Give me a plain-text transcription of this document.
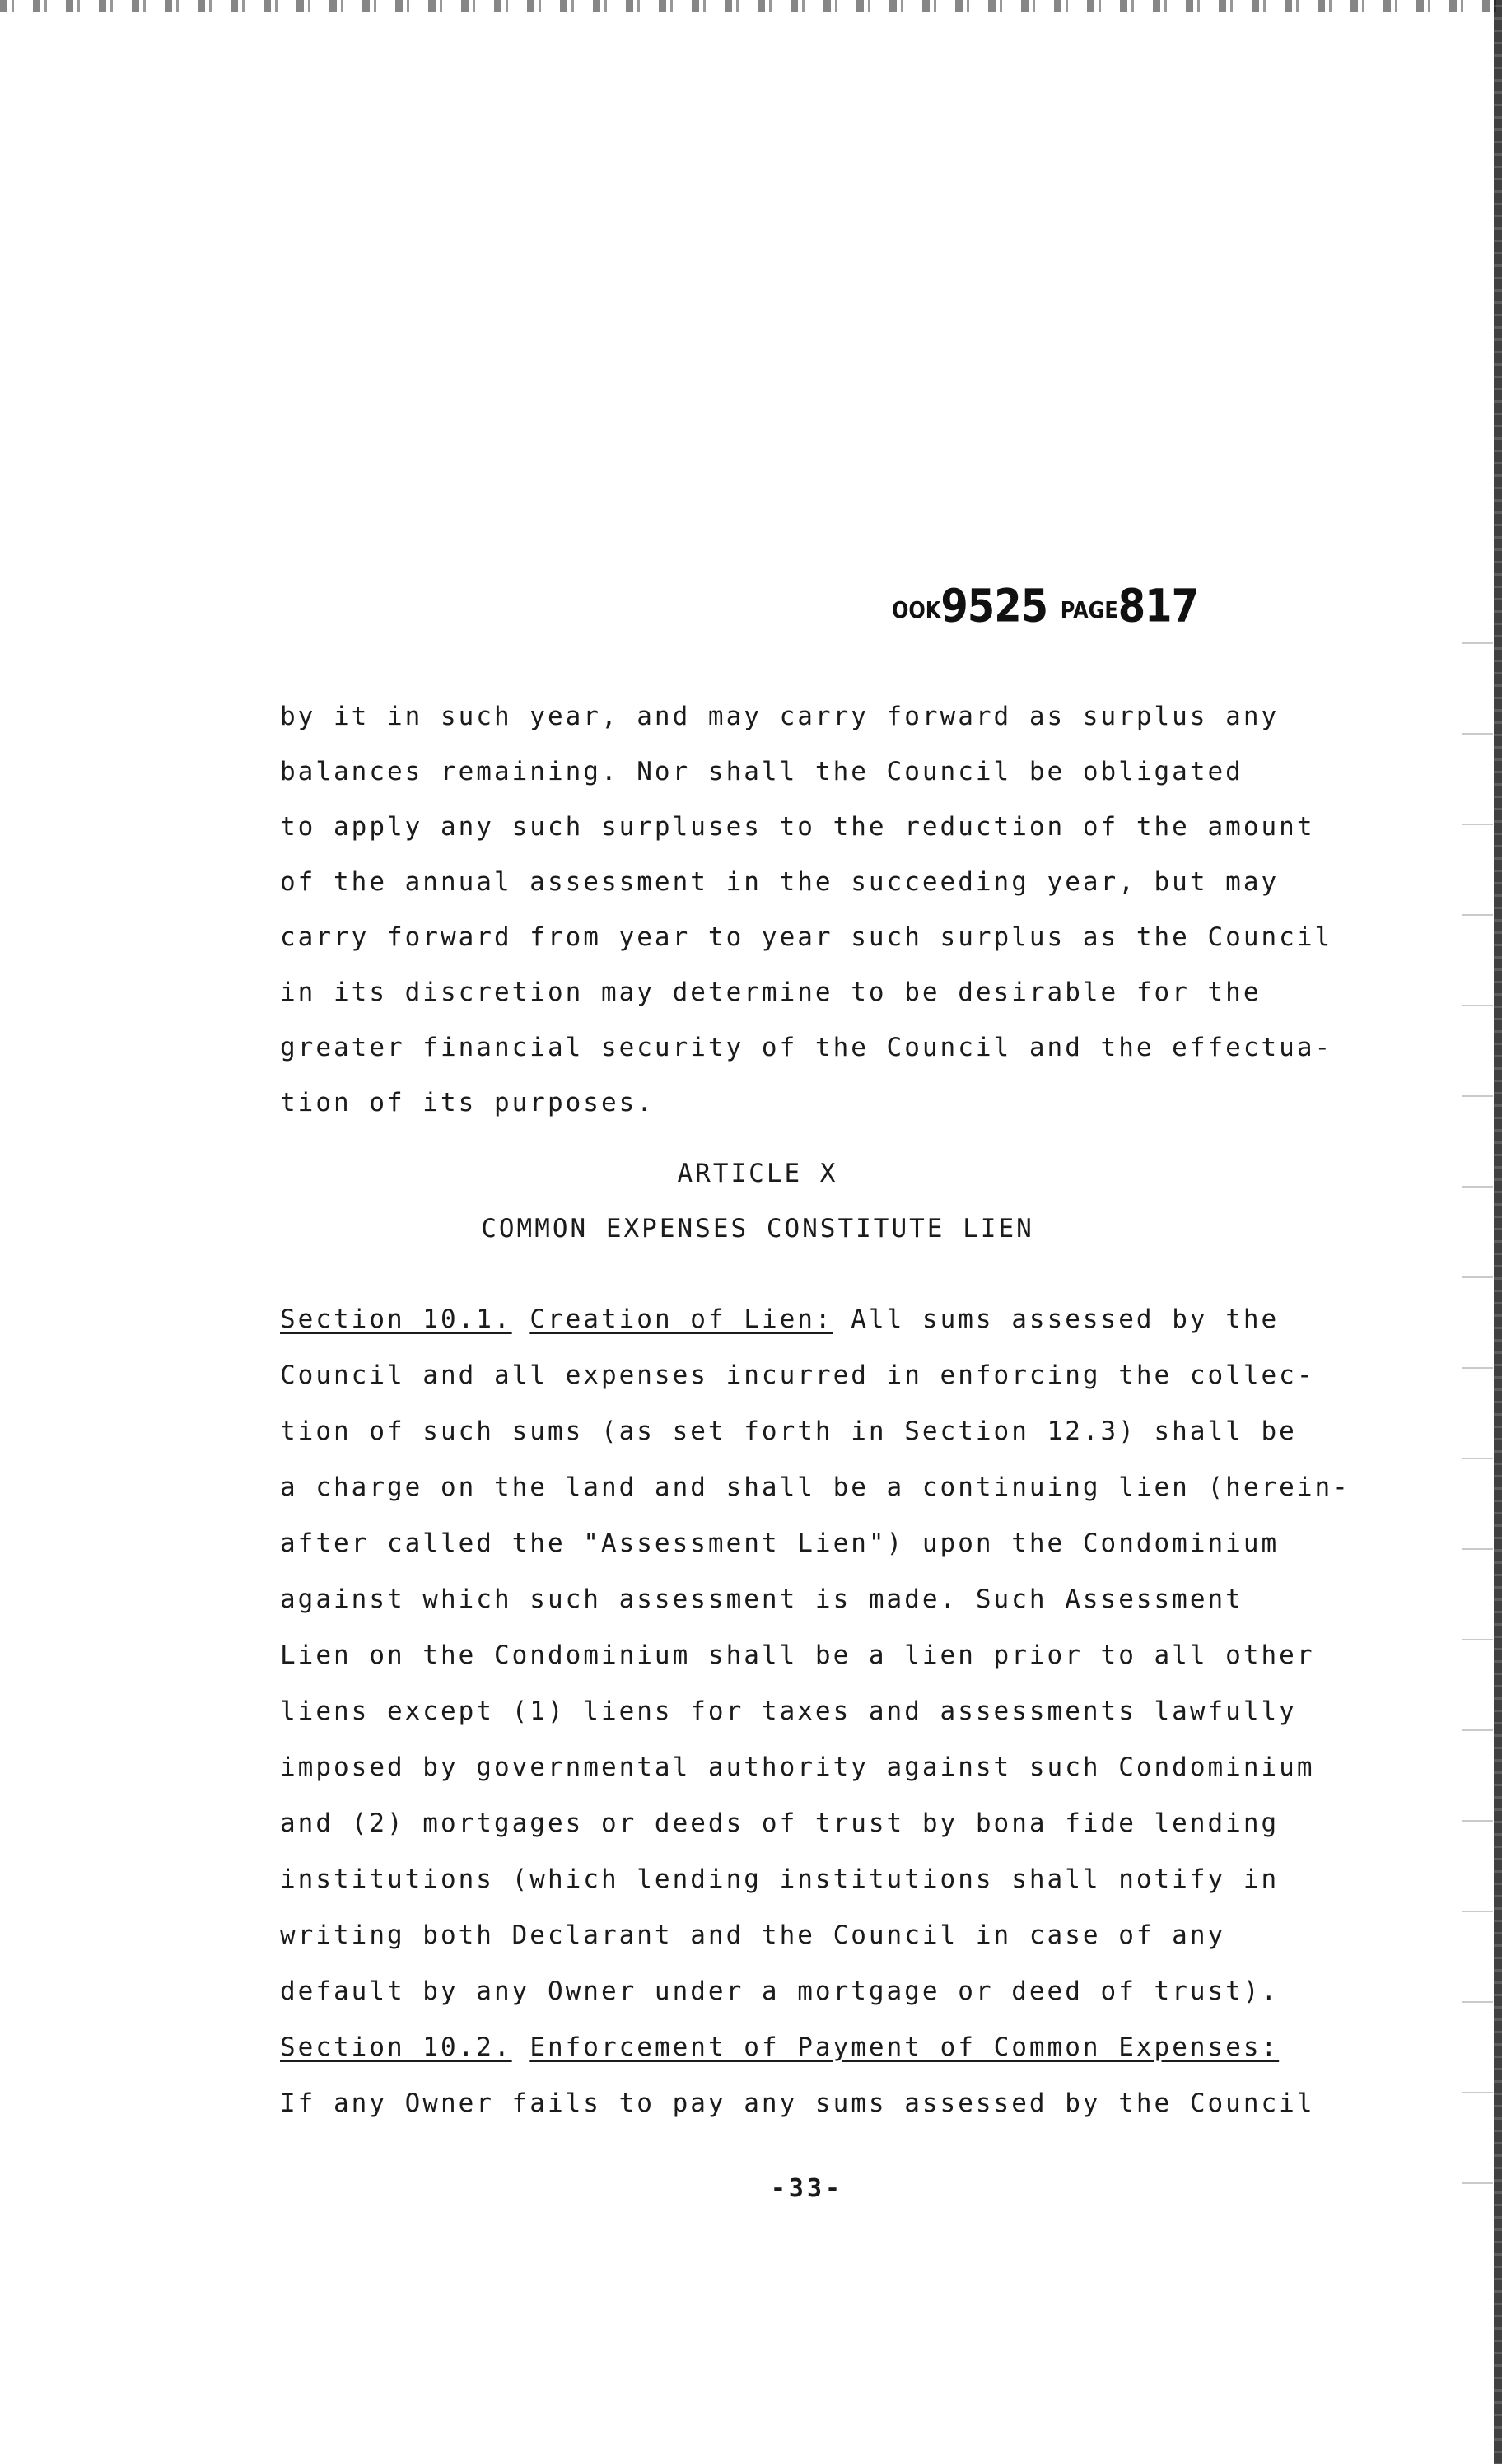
OOK9525 PAGE817
by it in such year, and may carry forward as surplus any
balances remaining. Nor shall the Council be obligated
to apply any such surpluses to the reduction of the amount
of the annual assessment in the succeeding year, but may
carry forward from year to year such surplus as the Council
in its discretion may determine to be desirable for the
greater financial security of the Council and the effectua-
tion of its purposes.
ARTICLE X
COMMON EXPENSES CONSTITUTE LIEN
Section 10.1. Creation of Lien: All sums assessed by the
Council and all expenses incurred in enforcing the collec-
tion of such sums (as set forth in Section 12.3) shall be
a charge on the land and shall be a continuing lien (herein-
after called the "Assessment Lien") upon the Condominium
against which such assessment is made. Such Assessment
Lien on the Condominium shall be a lien prior to all other
liens except (1) liens for taxes and assessments lawfully
imposed by governmental authority against such Condominium
and (2) mortgages or deeds of trust by bona fide lending
institutions (which lending institutions shall notify in
writing both Declarant and the Council in case of any
default by any Owner under a mortgage or deed of trust).
Section 10.2. Enforcement of Payment of Common Expenses:
If any Owner fails to pay any sums assessed by the Council
-33-
